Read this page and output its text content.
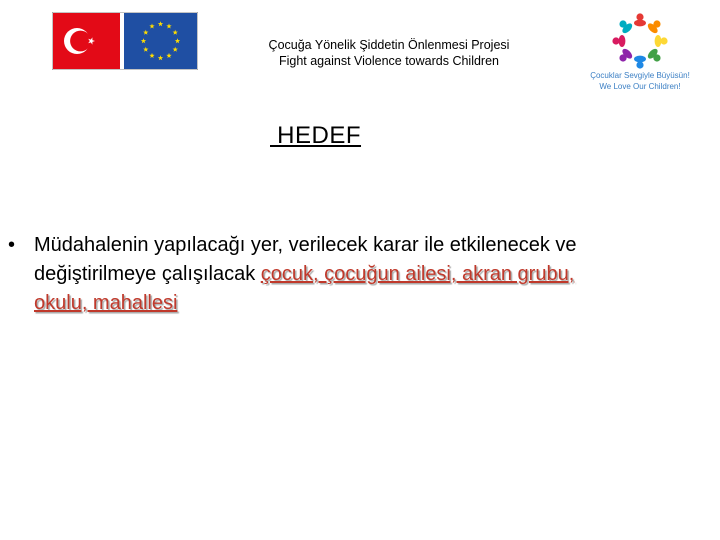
Çocuğa Yönelik Şiddetin Önlenmesi Projesi
Fight against Violence towards Children
Çocuklar Sevgiyle Büyüsün!
We Love Our Children!
HEDEF
• Müdahalenin yapılacağı yer, verilecek karar ile etkilenecek ve değiştirilmeye çalışılacak çocuk, çocuğun ailesi, akran grubu, okulu, mahallesi
